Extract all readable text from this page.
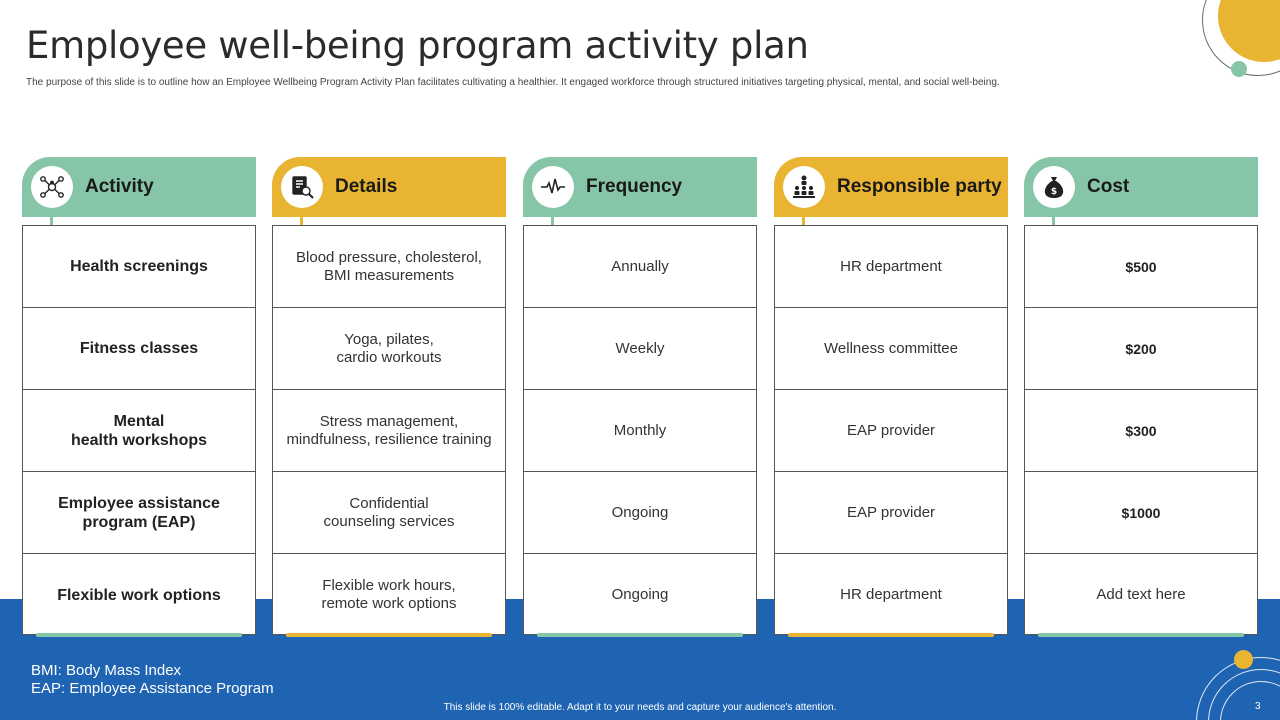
Employee well-being program activity plan

The purpose of this slide is to outline how an Employee Wellbeing Program Activity Plan facilitates cultivating a healthier. It engaged workforce through structured initiatives targeting physical, mental, and social well-being.

Activity
Health screenings
Fitness classes
Mental
health workshops
Employee assistance
program (EAP)
Flexible work options
Details
Blood pressure, cholesterol,
BMI measurements
Yoga, pilates,
cardio workouts
Stress management,
mindfulness, resilience training
Confidential
counseling services
Flexible work hours,
remote work options
Frequency
Annually
Weekly
Monthly
Ongoing
Ongoing
Responsible party
HR department
Wellness committee
EAP provider
EAP provider
HR department
$ Cost
$500
$200
$300
$1000
Add text here
BMI: Body Mass Index
EAP: Employee Assistance Program
This slide is 100% editable. Adapt it to your needs and capture your audience's attention.	3
